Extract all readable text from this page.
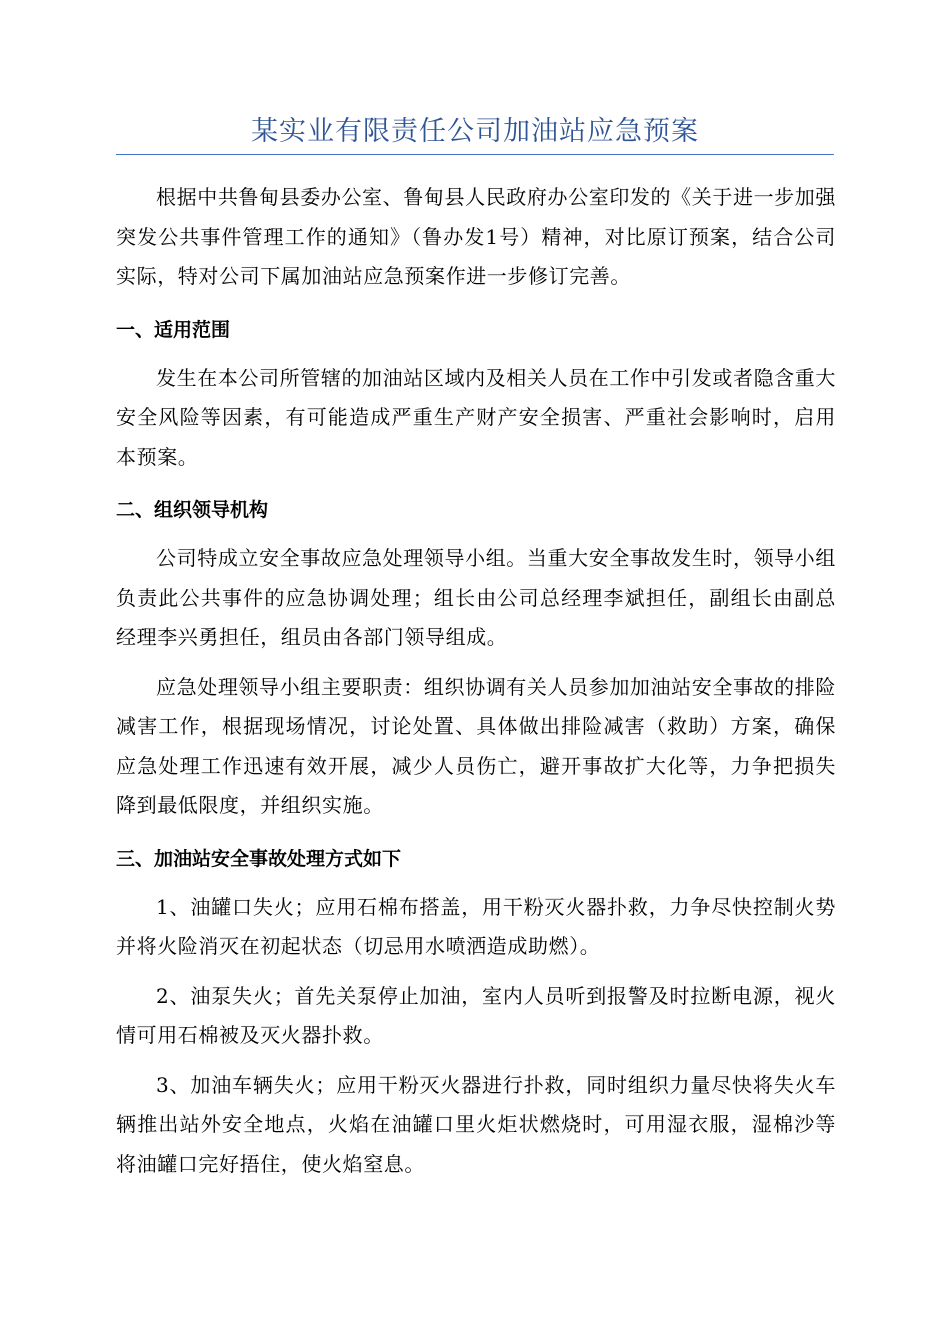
某实业有限责任公司加油站应急预案

根据中共鲁甸县委办公室、鲁甸县人民政府办公室印发的《关于进一步加强突发公共事件管理工作的通知》（鲁办发1号）精神，对比原订预案，结合公司实际，特对公司下属加油站应急预案作进一步修订完善。

一、适用范围

发生在本公司所管辖的加油站区域内及相关人员在工作中引发或者隐含重大安全风险等因素，有可能造成严重生产财产安全损害、严重社会影响时，启用本预案。

二、组织领导机构

公司特成立安全事故应急处理领导小组。当重大安全事故发生时，领导小组负责此公共事件的应急协调处理；组长由公司总经理李斌担任，副组长由副总经理李兴勇担任，组员由各部门领导组成。

应急处理领导小组主要职责：组织协调有关人员参加加油站安全事故的排险减害工作，根据现场情况，讨论处置、具体做出排险减害（救助）方案，确保应急处理工作迅速有效开展，减少人员伤亡，避开事故扩大化等，力争把损失降到最低限度，并组织实施。

三、加油站安全事故处理方式如下

1、油罐口失火；应用石棉布搭盖，用干粉灭火器扑救，力争尽快控制火势并将火险消灭在初起状态（切忌用水喷洒造成助燃）。

2、油泵失火；首先关泵停止加油，室内人员听到报警及时拉断电源，视火情可用石棉被及灭火器扑救。

3、加油车辆失火；应用干粉灭火器进行扑救，同时组织力量尽快将失火车辆推出站外安全地点，火焰在油罐口里火炬状燃烧时，可用湿衣服，湿棉沙等将油罐口完好捂住，使火焰窒息。
